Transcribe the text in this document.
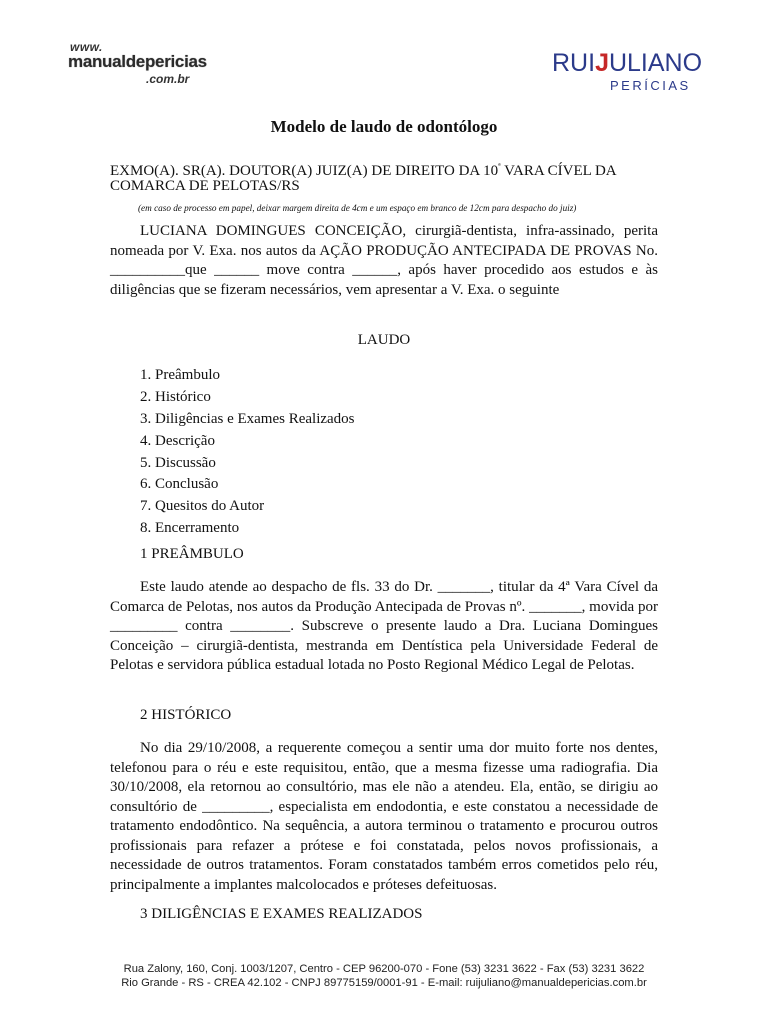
www.
manualdepericias
.com.br
RUIJULIANO
PERÍCIAS
Modelo de laudo de odontólogo
EXMO(A). SR(A). DOUTOR(A) JUIZ(A) DE DIREITO DA $10^ª$ VARA CÍVEL DA
COMARCA DE PELOTAS/RS
(em caso de processo em papel, deixar margem direita de 4cm e um espaço em branco de 12cm para despacho do juiz)
LUCIANA DOMINGUES CONCEIÇÃO, cirurgiã-dentista, infra-assinado, perita nomeada por V. Exa. nos autos da AÇÃO PRODUÇÃO ANTECIPADA DE PROVAS No. __________que ______ move contra ______, após haver procedido aos estudos e às diligências que se fizeram necessários, vem apresentar a V. Exa. o seguinte
LAUDO
1. Preâmbulo
2. Histórico
3. Diligências e Exames Realizados
4. Descrição
5. Discussão
6. Conclusão
7. Quesitos do Autor
8. Encerramento
1 PREÂMBULO
Este laudo atende ao despacho de fls. 33 do Dr. _______, titular da 4ª Vara Cível da Comarca de Pelotas, nos autos da Produção Antecipada de Provas nº. _______, movida por _________ contra ________. Subscreve o presente laudo a Dra. Luciana Domingues Conceição – cirurgiã-dentista, mestranda em Dentística pela Universidade Federal de Pelotas e servidora pública estadual lotada no Posto Regional Médico Legal de Pelotas.
2 HISTÓRICO
No dia 29/10/2008, a requerente começou a sentir uma dor muito forte nos dentes, telefonou para o réu e este requisitou, então, que a mesma fizesse uma radiografia. Dia 30/10/2008, ela retornou ao consultório, mas ele não a atendeu. Ela, então, se dirigiu ao consultório de _________, especialista em endodontia, e este constatou a necessidade de tratamento endodôntico. Na sequência, a autora terminou o tratamento e procurou outros profissionais para refazer a prótese e foi constatada, pelos novos profissionais, a necessidade de outros tratamentos. Foram constatados também erros cometidos pelo réu, principalmente a implantes malcolocados e próteses defeituosas.
3 DILIGÊNCIAS E EXAMES REALIZADOS
Rua Zalony, 160, Conj. 1003/1207, Centro - CEP 96200-070 - Fone (53) 3231 3622 - Fax (53) 3231 3622
Rio Grande - RS - CREA 42.102 - CNPJ 89775159/0001-91 - E-mail: ruijuliano@manualdepericias.com.br
